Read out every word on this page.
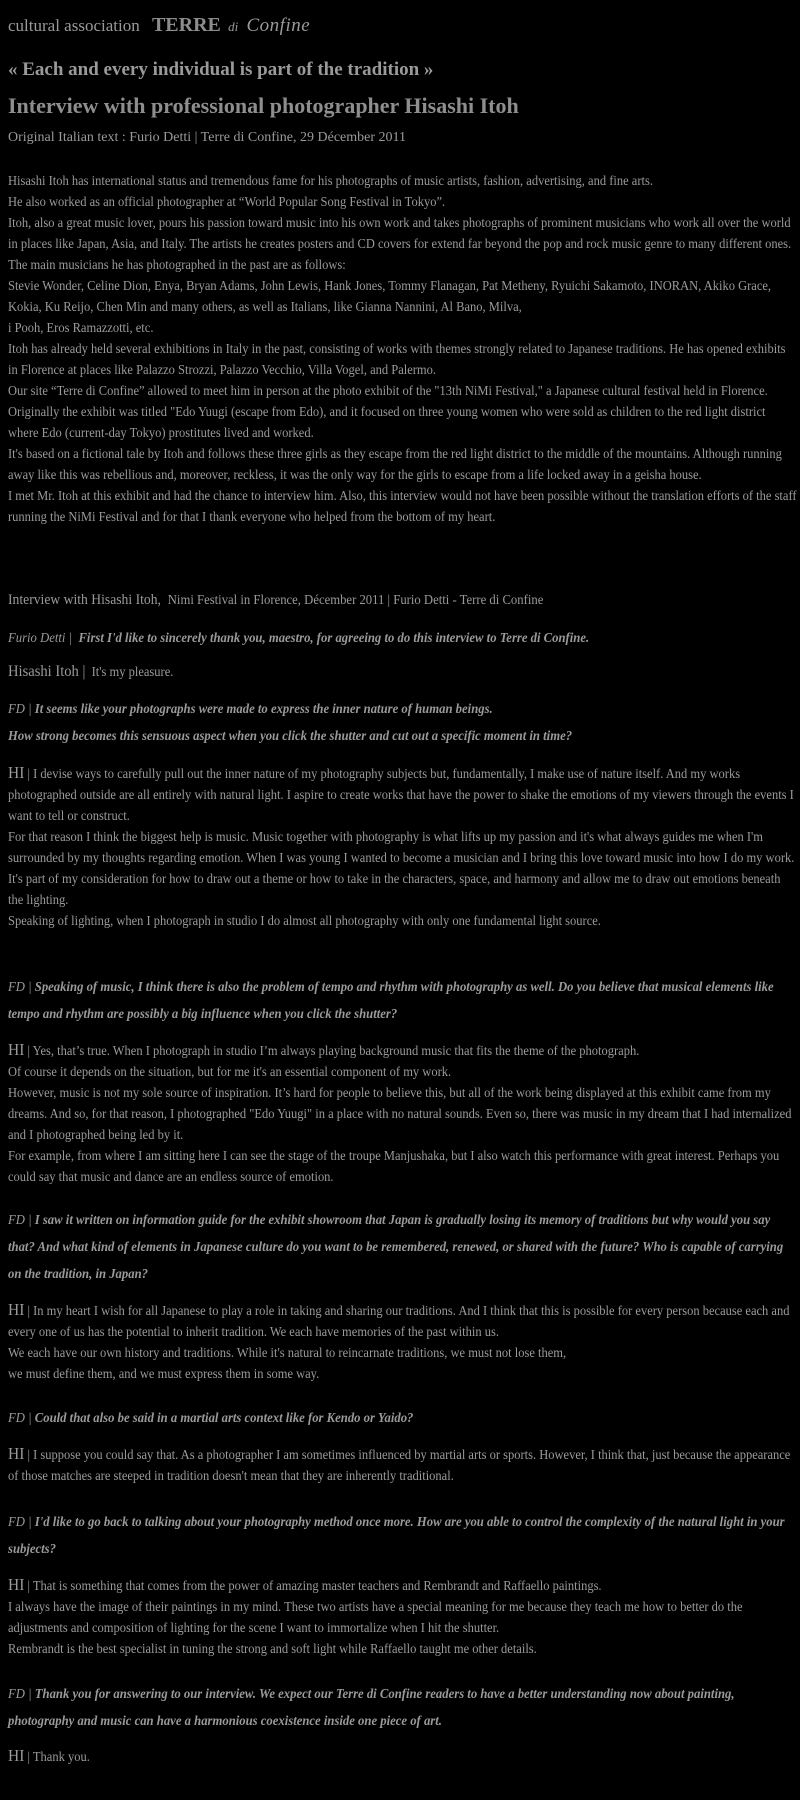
cultural association TERRE di Confine
« Each and every individual is part of the tradition »
Interview with professional photographer Hisashi Itoh
Original Italian text : Furio Detti | Terre di Confine, 29 Décember 2011

Hisashi Itoh has international status and tremendous fame for his photographs of music artists, fashion, advertising, and fine arts.

He also worked as an official photographer at “World Popular Song Festival in Tokyo”.

Itoh, also a great music lover, pours his passion toward music into his own work and takes photographs of prominent musicians who work all over the world in places like Japan, Asia, and Italy. The artists he creates posters and CD covers for extend far beyond the pop and rock music genre to many different ones. The main musicians he has photographed in the past are as follows:

Stevie Wonder, Celine Dion, Enya, Bryan Adams, John Lewis, Hank Jones, Tommy Flanagan, Pat Metheny, Ryuichi Sakamoto, INORAN, Akiko Grace, Kokia, Ku Reijo, Chen Min and many others, as well as Italians, like Gianna Nannini, Al Bano, Milva,

i Pooh, Eros Ramazzotti, etc.

Itoh has already held several exhibitions in Italy in the past, consisting of works with themes strongly related to Japanese traditions. He has opened exhibits in Florence at places like Palazzo Strozzi, Palazzo Vecchio, Villa Vogel, and Palermo.

Our site “Terre di Confine” allowed to meet him in person at the photo exhibit of the "13th NiMi Festival," a Japanese cultural festival held in Florence. Originally the exhibit was titled "Edo Yuugi (escape from Edo), and it focused on three young women who were sold as children to the red light district where Edo (current-day Tokyo) prostitutes lived and worked.

It's based on a fictional tale by Itoh and follows these three girls as they escape from the red light district to the middle of the mountains. Although running away like this was rebellious and, moreover, reckless, it was the only way for the girls to escape from a life locked away in a geisha house.

I met Mr. Itoh at this exhibit and had the chance to interview him. Also, this interview would not have been possible without the translation efforts of the staff running the NiMi Festival and for that I thank everyone who helped from the bottom of my heart.

Interview with Hisashi Itoh, Nimi Festival in Florence, Décember 2011 | Furio Detti - Terre di Confine
Furio Detti | First I'd like to sincerely thank you, maestro, for agreeing to do this interview to Terre di Confine.
Hisashi Itoh | It's my pleasure.
FD | It seems like your photographs were made to express the inner nature of human beings.
How strong becomes this sensuous aspect when you click the shutter and cut out a specific moment in time?

HI | I devise ways to carefully pull out the inner nature of my photography subjects but, fundamentally, I make use of nature itself. And my works photographed outside are all entirely with natural light. I aspire to create works that have the power to shake the emotions of my viewers through the events I want to tell or construct.

For that reason I think the biggest help is music. Music together with photography is what lifts up my passion and it's what always guides me when I'm surrounded by my thoughts regarding emotion. When I was young I wanted to become a musician and I bring this love toward music into how I do my work.

It's part of my consideration for how to draw out a theme or how to take in the characters, space, and harmony and allow me to draw out emotions beneath the lighting.

Speaking of lighting, when I photograph in studio I do almost all photography with only one fundamental light source.

FD | Speaking of music, I think there is also the problem of tempo and rhythm with photography as well. Do you believe that musical elements like tempo and rhythm are possibly a big influence when you click the shutter?

HI | Yes, that’s true. When I photograph in studio I’m always playing background music that fits the theme of the photograph.

Of course it depends on the situation, but for me it's an essential component of my work.

However, music is not my sole source of inspiration. It’s hard for people to believe this, but all of the work being displayed at this exhibit came from my dreams. And so, for that reason, I photographed "Edo Yuugi" in a place with no natural sounds. Even so, there was music in my dream that I had internalized and I photographed being led by it.

For example, from where I am sitting here I can see the stage of the troupe Manjushaka, but I also watch this performance with great interest. Perhaps you could say that music and dance are an endless source of emotion.

FD | I saw it written on information guide for the exhibit showroom that Japan is gradually losing its memory of traditions but why would you say that? And what kind of elements in Japanese culture do you want to be remembered, renewed, or shared with the future? Who is capable of carrying on the tradition, in Japan?

HI | In my heart I wish for all Japanese to play a role in taking and sharing our traditions. And I think that this is possible for every person because each and every one of us has the potential to inherit tradition. We each have memories of the past within us.

We each have our own history and traditions. While it's natural to reincarnate traditions, we must not lose them,

we must define them, and we must express them in some way.

FD | Could that also be said in a martial arts context like for Kendo or Yaido?

HI | I suppose you could say that. As a photographer I am sometimes influenced by martial arts or sports. However, I think that, just because the appearance of those matches are steeped in tradition doesn't mean that they are inherently traditional.

FD | I'd like to go back to talking about your photography method once more. How are you able to control the complexity of the natural light in your subjects?

HI | That is something that comes from the power of amazing master teachers and Rembrandt and Raffaello paintings.

I always have the image of their paintings in my mind. These two artists have a special meaning for me because they teach me how to better do the adjustments and composition of lighting for the scene I want to immortalize when I hit the shutter.

Rembrandt is the best specialist in tuning the strong and soft light while Raffaello taught me other details.

FD | Thank you for answering to our interview. We expect our Terre di Confine readers to have a better understanding now about painting, photography and music can have a harmonious coexistence inside one piece of art.

HI | Thank you.
